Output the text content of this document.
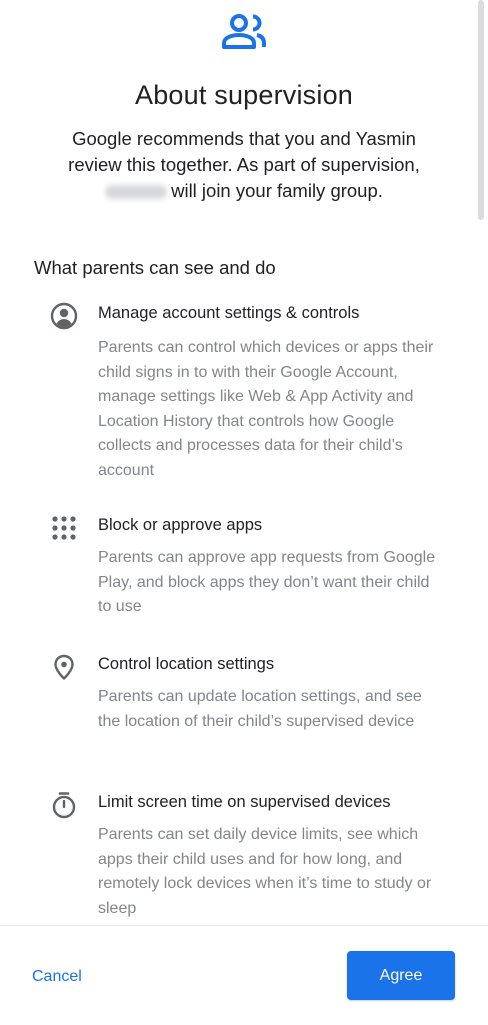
About supervision
Google recommends that you and Yasmin review this together. As part of supervision,
will join your family group.
What parents can see and do
Manage account settings & controls
Parents can control which devices or apps their child signs in to with their Google Account, manage settings like Web & App Activity and Location History that controls how Google collects and processes data for their child’s account
Block or approve apps
Parents can approve app requests from Google Play, and block apps they don’t want their child to use
Control location settings
Parents can update location settings, and see the location of their child’s supervised device
Limit screen time on supervised devices
Parents can set daily device limits, see which apps their child uses and for how long, and remotely lock devices when it’s time to study or sleep
Cancel	Agree
